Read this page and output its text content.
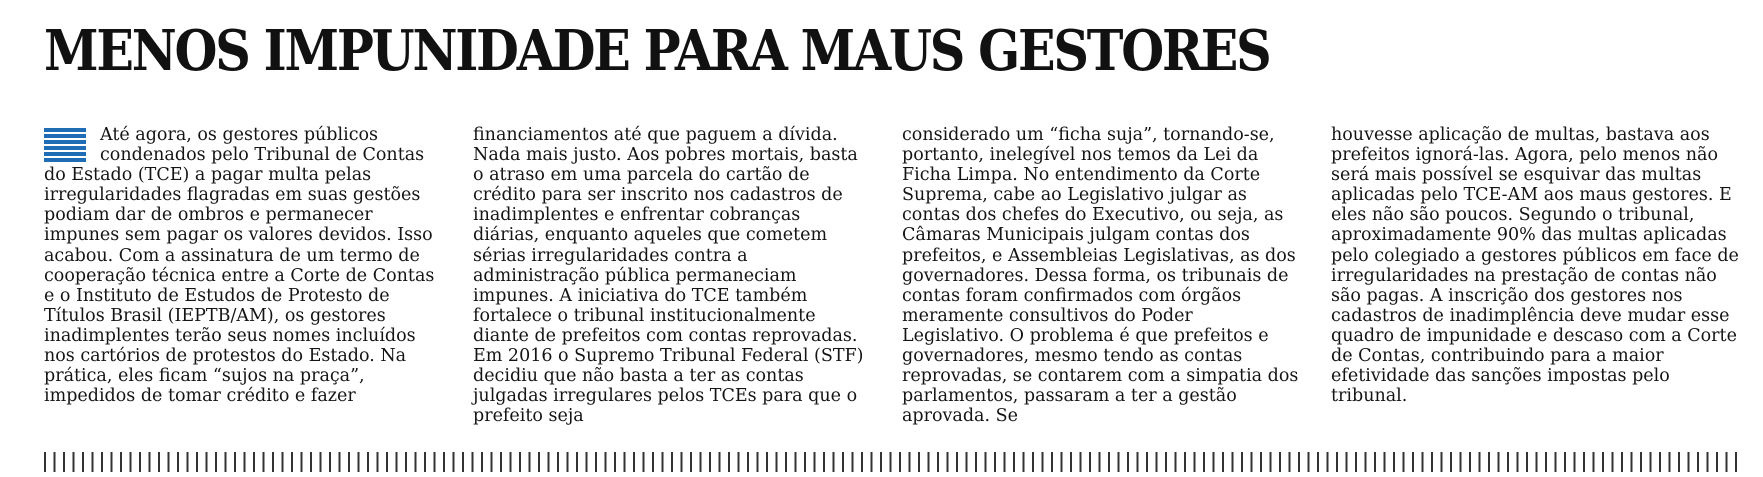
MENOS IMPUNIDADE PARA MAUS GESTORES

Até agora, os gestores públicos condenados pelo Tribunal de Contas do Estado (TCE) a pagar multa pelas irregularidades flagradas em suas gestões podiam dar de ombros e permanecer impunes sem pagar os valores devidos. Isso acabou. Com a assinatura de um termo de cooperação técnica entre a Corte de Contas e o Instituto de Estudos de Protesto de Títulos Brasil (IEPTB/AM), os gestores inadimplentes terão seus nomes incluídos nos cartórios de protestos do Estado. Na prática, eles ficam “sujos na praça”, impedidos de tomar crédito e fazer

financiamentos até que paguem a dívida. Nada mais justo. Aos pobres mortais, basta o atraso em uma parcela do cartão de crédito para ser inscrito nos cadastros de inadimplentes e enfrentar cobranças diárias, enquanto aqueles que cometem sérias irregularidades contra a administração pública permaneciam impunes. A iniciativa do TCE também fortalece o tribunal institucionalmente diante de prefeitos com contas reprovadas. Em 2016 o Supremo Tribunal Federal (STF) decidiu que não basta a ter as contas julgadas irregulares pelos TCEs para que o prefeito seja

considerado um “ficha suja”, tornando-se, portanto, inelegível nos temos da Lei da Ficha Limpa. No entendimento da Corte Suprema, cabe ao Legislativo julgar as contas dos chefes do Executivo, ou seja, as Câmaras Municipais julgam contas dos prefeitos, e Assembleias Legislativas, as dos governadores. Dessa forma, os tribunais de contas foram confirmados com órgãos meramente consultivos do Poder Legislativo. O problema é que prefeitos e governadores, mesmo tendo as contas reprovadas, se contarem com a simpatia dos parlamentos, passaram a ter a gestão aprovada. Se

houvesse aplicação de multas, bastava aos prefeitos ignorá-las. Agora, pelo menos não será mais possível se esquivar das multas aplicadas pelo TCE-AM aos maus gestores. E eles não são poucos. Segundo o tribunal, aproximadamente 90% das multas aplicadas pelo colegiado a gestores públicos em face de irregularidades na prestação de contas não são pagas. A inscrição dos gestores nos cadastros de inadimplência deve mudar esse quadro de impunidade e descaso com a Corte de Contas, contribuindo para a maior efetividade das sanções impostas pelo tribunal.
